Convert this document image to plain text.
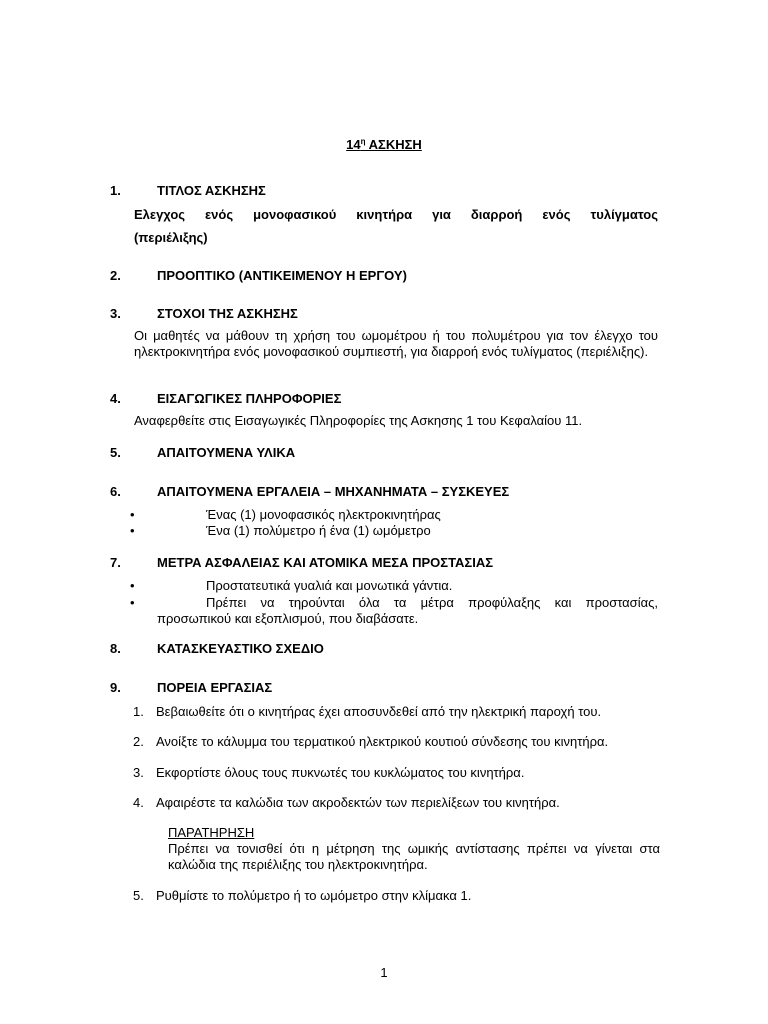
$14^\eta$ ΑΣΚΗΣΗ
1.	ΤΙΤΛΟΣ ΑΣΚΗΣΗΣ
Ελεγχος ενός μονοφασικού κινητήρα για διαρροή ενός τυλίγματος
(περιέλιξης)
2.	ΠΡΟΟΠΤΙΚΟ (ΑΝΤΙΚΕΙΜΕΝΟΥ Η ΕΡΓΟΥ)
3.	ΣΤΟΧΟΙ ΤΗΣ ΑΣΚΗΣΗΣ
Οι μαθητές να μάθουν τη χρήση του ωμομέτρου ή του πολυμέτρου για τον έλεγχο του ηλεκτροκινητήρα ενός μονοφασικού συμπιεστή, για διαρροή ενός τυλίγματος (περιέλιξης).
4.	ΕΙΣΑΓΩΓΙΚΕΣ ΠΛΗΡΟΦΟΡΙΕΣ
Αναφερθείτε στις Εισαγωγικές Πληροφορίες της Ασκησης 1 του Κεφαλαίου 11.
5.	ΑΠΑΙΤΟΥΜΕΝΑ ΥΛΙΚΑ
6.	ΑΠΑΙΤΟΥΜΕΝΑ ΕΡΓΑΛΕΙΑ – ΜΗΧΑΝΗΜΑΤΑ – ΣΥΣΚΕΥΕΣ
•	Ένας (1) μονοφασικός ηλεκτροκινητήρας
•	Ένα (1) πολύμετρο ή ένα (1) ωμόμετρο
7.	ΜΕΤΡΑ ΑΣΦΑΛΕΙΑΣ ΚΑΙ ΑΤΟΜΙΚΑ ΜΕΣΑ ΠΡΟΣΤΑΣΙΑΣ
•	Προστατευτικά γυαλιά και μονωτικά γάντια.
•	Πρέπει να τηρούνται όλα τα μέτρα προφύλαξης και προστασίας,
προσωπικού και εξοπλισμού, που διαβάσατε.
8.	ΚΑΤΑΣΚΕΥΑΣΤΙΚΟ ΣΧΕΔΙΟ
9.	ΠΟΡΕΙΑ ΕΡΓΑΣΙΑΣ
1. Βεβαιωθείτε ότι ο κινητήρας έχει αποσυνδεθεί από την ηλεκτρική παροχή του.
2. Ανοίξτε το κάλυμμα του τερματικού ηλεκτρικού κουτιού σύνδεσης του κινητήρα.
3. Εκφορτίστε όλους τους πυκνωτές του κυκλώματος του κινητήρα.
4. Αφαιρέστε τα καλώδια των ακροδεκτών των περιελίξεων του κινητήρα.
ΠΑΡΑΤΗΡΗΣΗ
Πρέπει να τονισθεί ότι η μέτρηση της ωμικής αντίστασης πρέπει να γίνεται στα καλώδια της περιέλιξης του ηλεκτροκινητήρα.
5. Ρυθμίστε το πολύμετρο ή το ωμόμετρο στην κλίμακα 1.
1
